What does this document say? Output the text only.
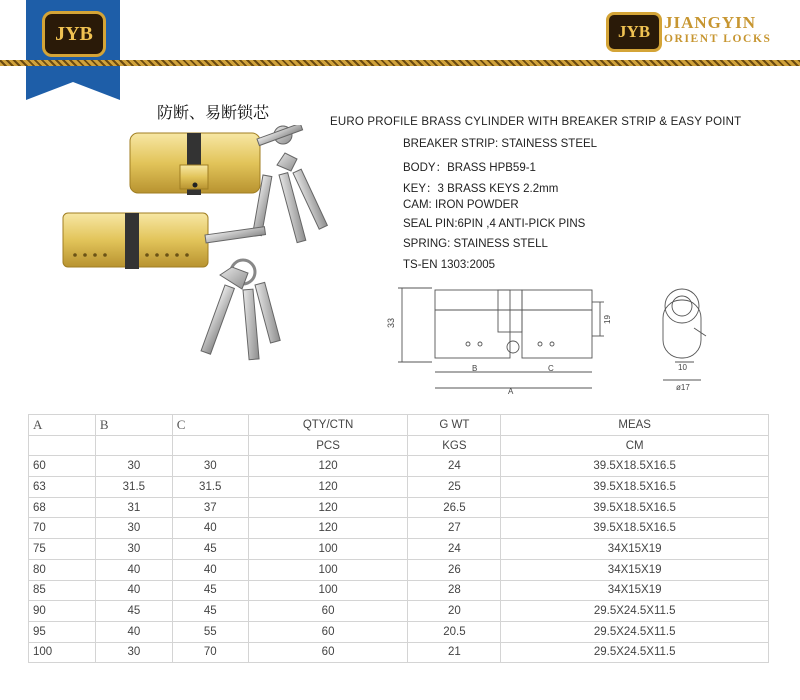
JYB	JYB JIANGYIN
ORIENT LOCKS
防断、易断锁芯	EURO PROFILE BRASS CYLINDER WITH BREAKER STRIP & EASY POINT
BREAKER STRIP: STAINESS STEEL
BODY：BRASS HPB59-1
KEY：3 BRASS KEYS 2.2mm
CAM: IRON POWDER
SEAL PIN:6PIN ,4 ANTI-PICK PINS
SPRING: STAINESS STELL
TS-EN 1303:2005
33
B	C
A
19
10
ø17
A	B	C	QTY/CTN	G WT	MEAS
			PCS	KGS	CM
60	30	30	120	24	39.5X18.5X16.5
63	31.5	31.5	120	25	39.5X18.5X16.5
68	31	37	120	26.5	39.5X18.5X16.5
70	30	40	120	27	39.5X18.5X16.5
75	30	45	100	24	34X15X19
80	40	40	100	26	34X15X19
85	40	45	100	28	34X15X19
90	45	45	60	20	29.5X24.5X11.5
95	40	55	60	20.5	29.5X24.5X11.5
100	30	70	60	21	29.5X24.5X11.5
